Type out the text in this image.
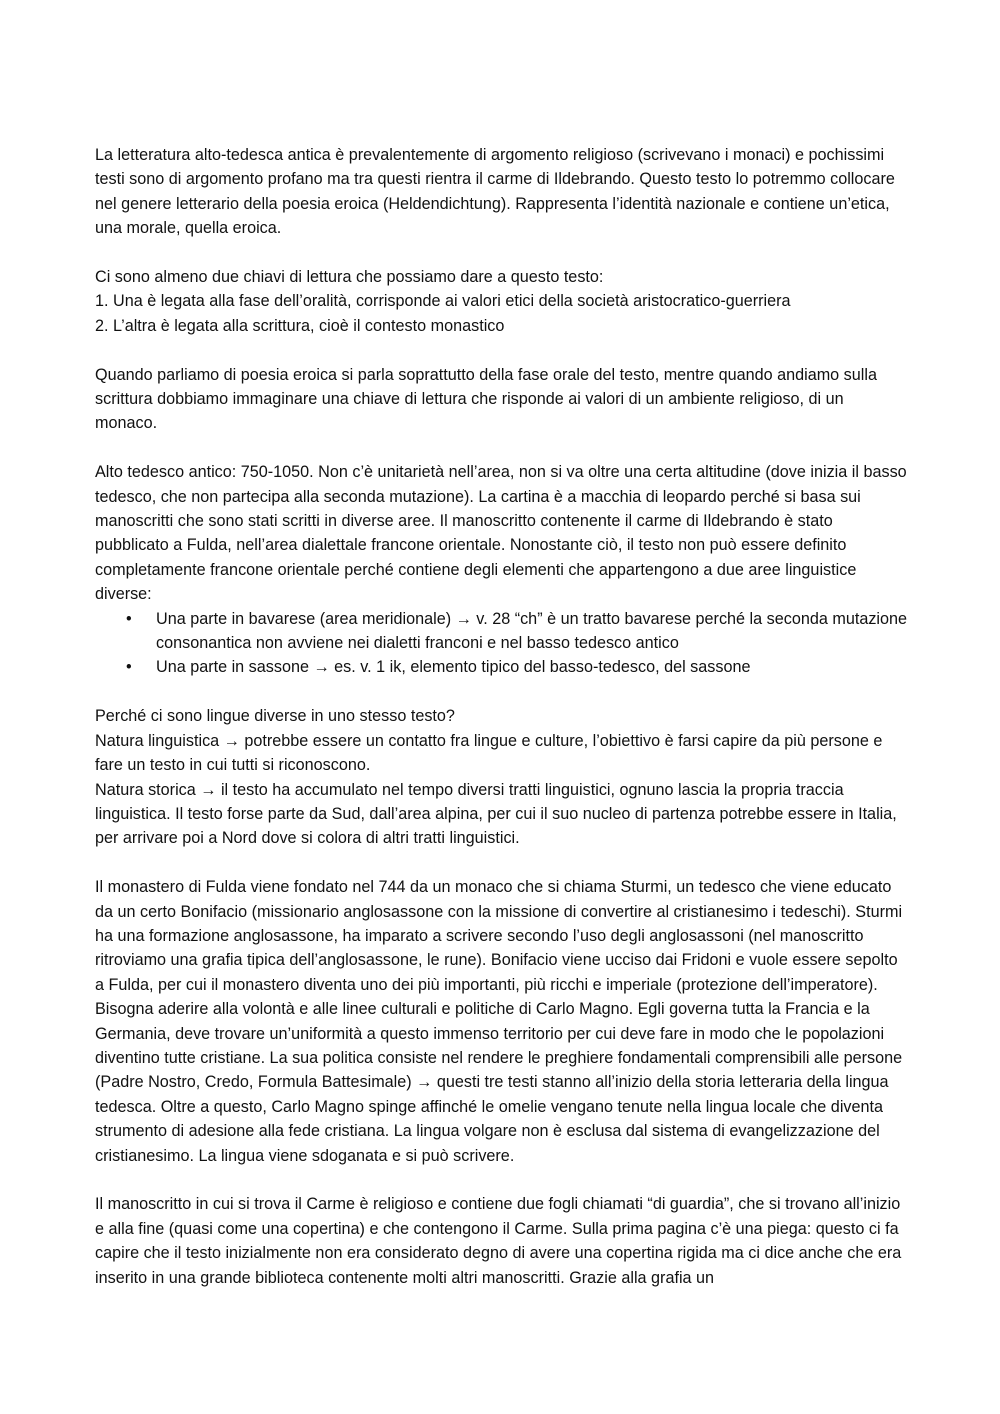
La letteratura alto-tedesca antica è prevalentemente di argomento religioso (scrivevano i monaci) e pochissimi testi sono di argomento profano ma tra questi rientra il carme di Ildebrando. Questo testo lo potremmo collocare nel genere letterario della poesia eroica (Heldendichtung). Rappresenta l’identità nazionale e contiene un’etica, una morale, quella eroica.

Ci sono almeno due chiavi di lettura che possiamo dare a questo testo:

1. Una è legata alla fase dell’oralità, corrisponde ai valori etici della società aristocratico-guerriera

2. L’altra è legata alla scrittura, cioè il contesto monastico

Quando parliamo di poesia eroica si parla soprattutto della fase orale del testo, mentre quando andiamo sulla scrittura dobbiamo immaginare una chiave di lettura che risponde ai valori di un ambiente religioso, di un monaco.

Alto tedesco antico: 750-1050. Non c’è unitarietà nell’area, non si va oltre una certa altitudine (dove inizia il basso tedesco, che non partecipa alla seconda mutazione). La cartina è a macchia di leopardo perché si basa sui manoscritti che sono stati scritti in diverse aree. Il manoscritto contenente il carme di Ildebrando è stato pubblicato a Fulda, nell’area dialettale francone orientale. Nonostante ciò, il testo non può essere definito completamente francone orientale perché contiene degli elementi che appartengono a due aree linguistice diverse:

• Una parte in bavarese (area meridionale) → v. 28 “ch” è un tratto bavarese perché la seconda mutazione consonantica non avviene nei dialetti franconi e nel basso tedesco antico
• Una parte in sassone → es. v. 1 ik, elemento tipico del basso-tedesco, del sassone

Perché ci sono lingue diverse in uno stesso testo?

Natura linguistica → potrebbe essere un contatto fra lingue e culture, l’obiettivo è farsi capire da più persone e fare un testo in cui tutti si riconoscono.

Natura storica → il testo ha accumulato nel tempo diversi tratti linguistici, ognuno lascia la propria traccia linguistica. Il testo forse parte da Sud, dall’area alpina, per cui il suo nucleo di partenza potrebbe essere in Italia, per arrivare poi a Nord dove si colora di altri tratti linguistici.

Il monastero di Fulda viene fondato nel 744 da un monaco che si chiama Sturmi, un tedesco che viene educato da un certo Bonifacio (missionario anglosassone con la missione di convertire al cristianesimo i tedeschi). Sturmi ha una formazione anglosassone, ha imparato a scrivere secondo l’uso degli anglosassoni (nel manoscritto ritroviamo una grafia tipica dell’anglosassone, le rune). Bonifacio viene ucciso dai Fridoni e vuole essere sepolto a Fulda, per cui il monastero diventa uno dei più importanti, più ricchi e imperiale (protezione dell’imperatore). Bisogna aderire alla volontà e alle linee culturali e politiche di Carlo Magno. Egli governa tutta la Francia e la Germania, deve trovare un’uniformità a questo immenso territorio per cui deve fare in modo che le popolazioni diventino tutte cristiane. La sua politica consiste nel rendere le preghiere fondamentali comprensibili alle persone (Padre Nostro, Credo, Formula Battesimale) → questi tre testi stanno all’inizio della storia letteraria della lingua tedesca. Oltre a questo, Carlo Magno spinge affinché le omelie vengano tenute nella lingua locale che diventa strumento di adesione alla fede cristiana. La lingua volgare non è esclusa dal sistema di evangelizzazione del cristianesimo. La lingua viene sdoganata e si può scrivere.

Il manoscritto in cui si trova il Carme è religioso e contiene due fogli chiamati “di guardia”, che si trovano all’inizio e alla fine (quasi come una copertina) e che contengono il Carme. Sulla prima pagina c’è una piega: questo ci fa capire che il testo inizialmente non era considerato degno di avere una copertina rigida ma ci dice anche che era inserito in una grande biblioteca contenente molti altri manoscritti. Grazie alla grafia un
